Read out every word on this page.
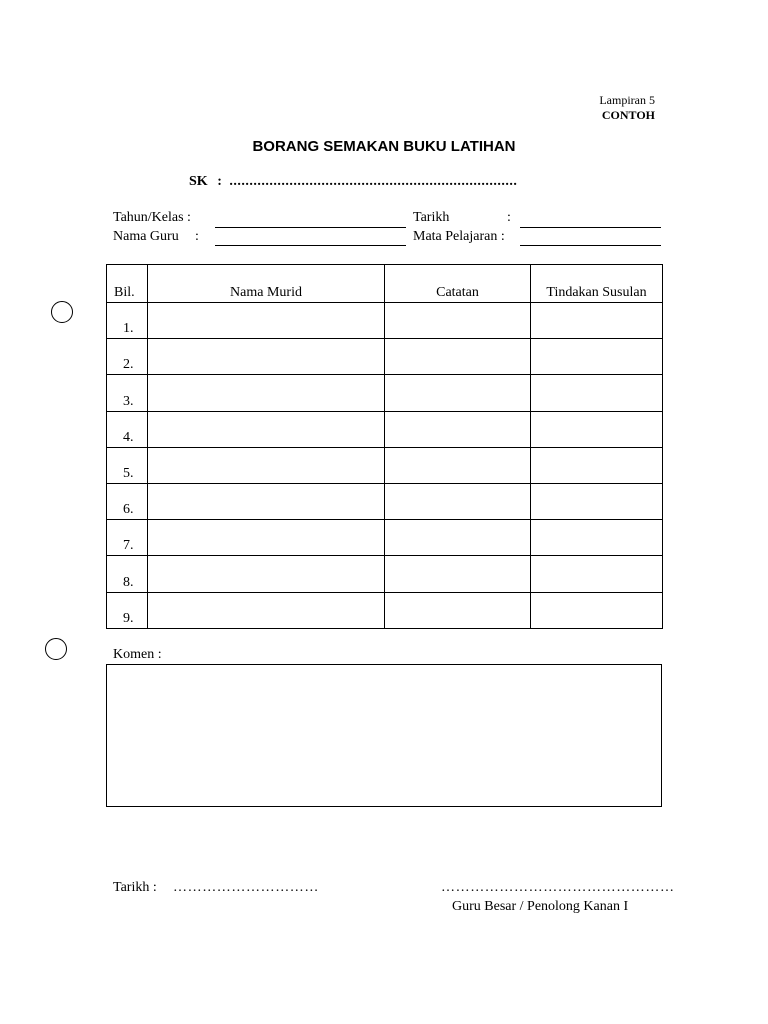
Lampiran 5
CONTOH
BORANG SEMAKAN BUKU LATIHAN
SK : ........................................................................
Tahun/Kelas :
Nama Guru :
Tarikh	:
Mata Pelajaran :
Bil.	Nama Murid	Catatan	Tindakan Susulan
1.			
2.			
3.			
4.			
5.			
6.			
7.			
8.			
9.			
Komen :
Tarikh : …………………………	…………………………………………
Guru Besar / Penolong Kanan I
